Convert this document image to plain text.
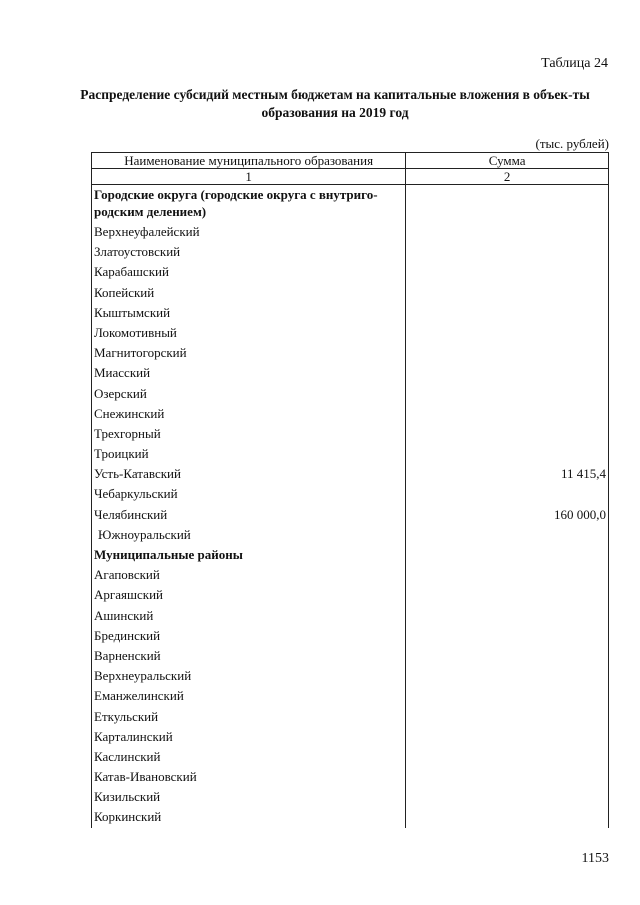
Таблица 24
Распределение субсидий местным бюджетам на капитальные вложения в объек-ты образования на 2019 год
(тыс. рублей)
Наименование муниципального образования	Сумма
1	2
Городские округа (городские округа с внутриго-родским делением)	
Верхнеуфалейский	
Златоустовский	
Карабашский	
Копейский	
Кыштымский	
Локомотивный	
Магнитогорский	
Миасский	
Озерский	
Снежинский	
Трехгорный	
Троицкий	
Усть-Катавский	11 415,4
Чебаркульский	
Челябинский	160 000,0
Южноуральский	
Муниципальные районы	
Агаповский	
Аргаяшский	
Ашинский	
Брединский	
Варненский	
Верхнеуральский	
Еманжелинский	
Еткульский	
Карталинский	
Каслинский	
Катав-Ивановский	
Кизильский	
Коркинский	
1153
